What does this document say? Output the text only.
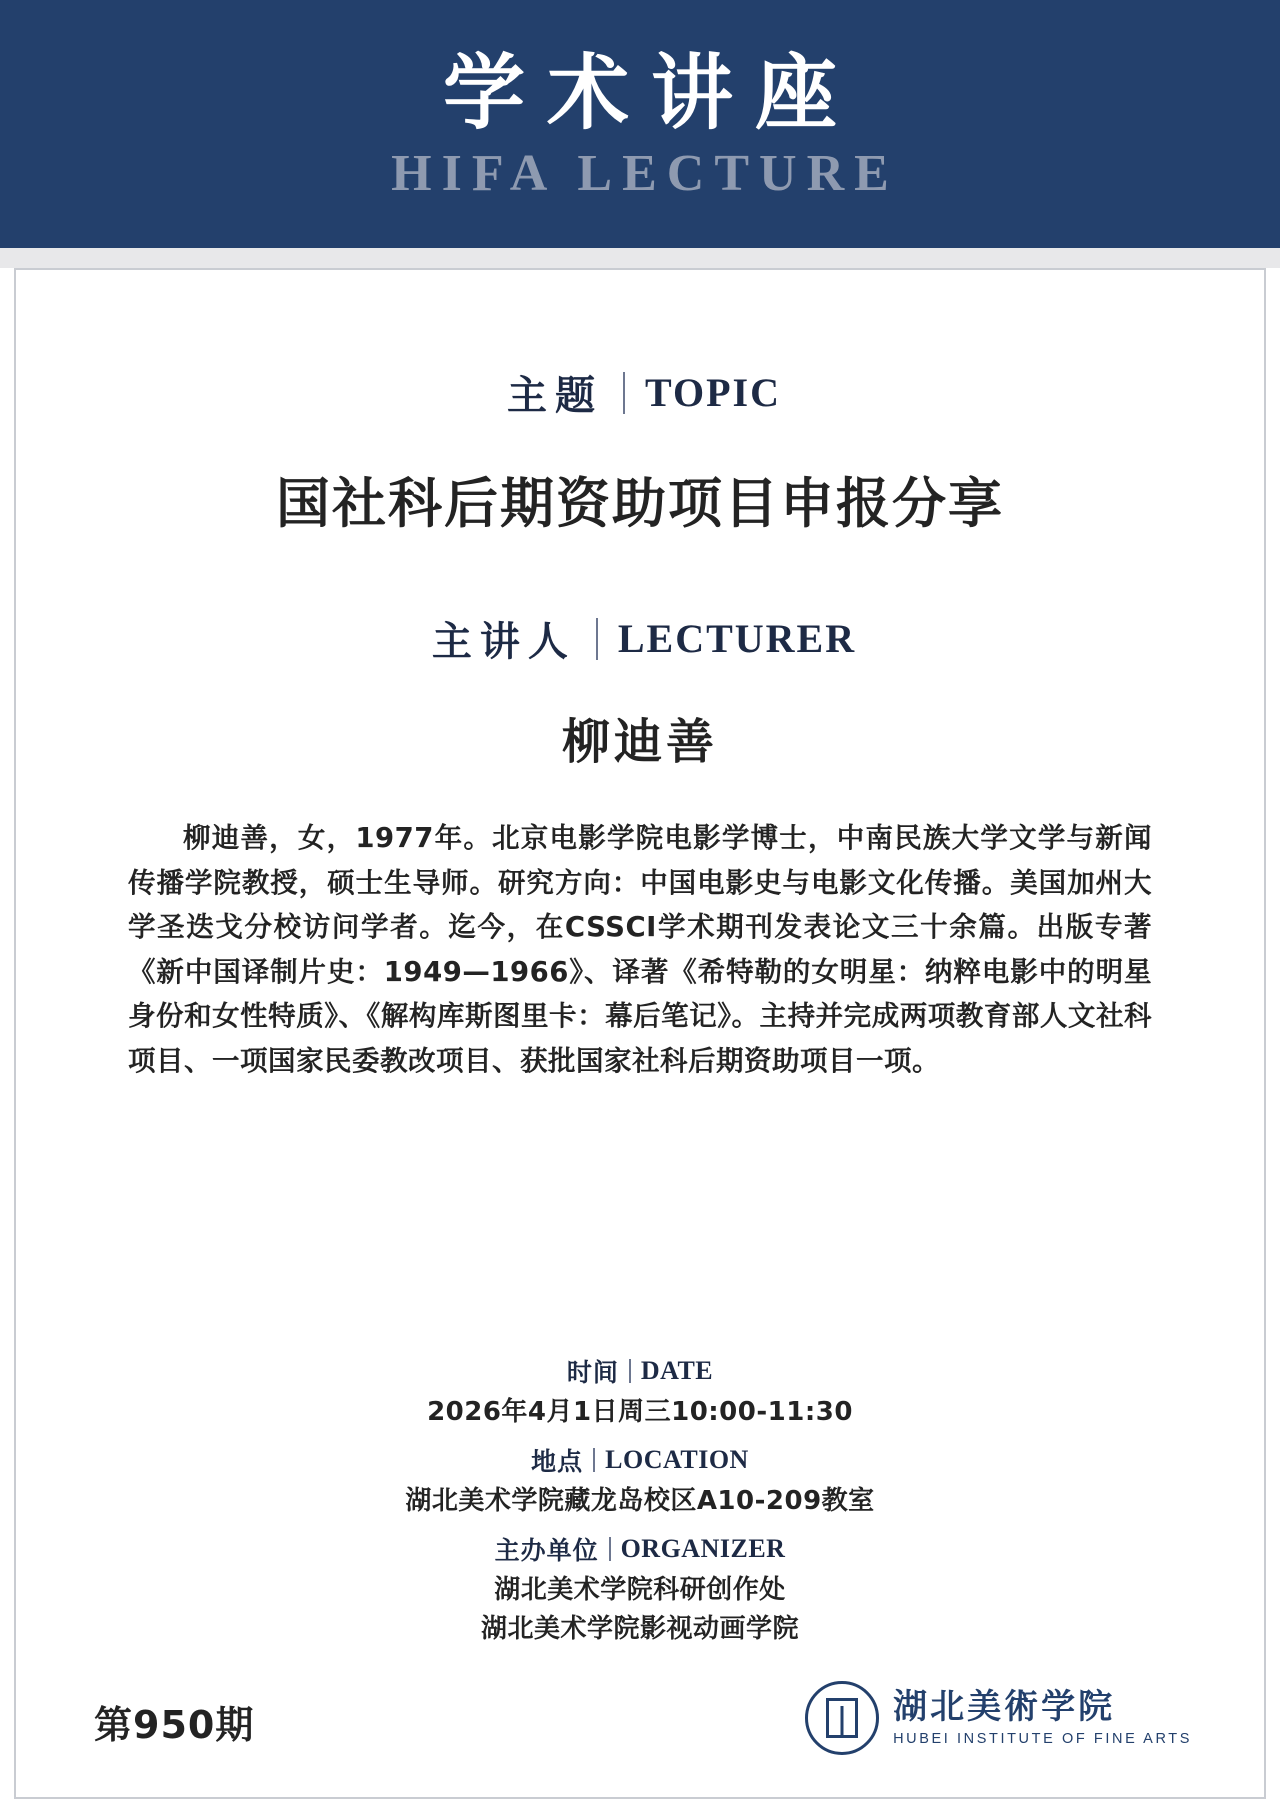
学术讲座
HIFA LECTURE
主题 TOPIC
国社科后期资助项目申报分享
主讲人 LECTURER
柳迪善
柳迪善，女，1977年。北京电影学院电影学博士，中南民族大学文学与新闻传播学院教授，硕士生导师。研究方向：中国电影史与电影文化传播。美国加州大学圣迭戈分校访问学者。迄今，在CSSCI学术期刊发表论文三十余篇。出版专著《新中国译制片史：1949—1966》、译著《希特勒的女明星：纳粹电影中的明星身份和女性特质》、《解构库斯图里卡：幕后笔记》。主持并完成两项教育部人文社科项目、一项国家民委教改项目、获批国家社科后期资助项目一项。
时间 DATE
2026年4月1日周三10:00-11:30
地点 LOCATION
湖北美术学院藏龙岛校区A10-209教室
主办单位 ORGANIZER
湖北美术学院科研创作处
湖北美术学院影视动画学院
第950期	湖北美術学院
HUBEI INSTITUTE OF FINE ARTS
